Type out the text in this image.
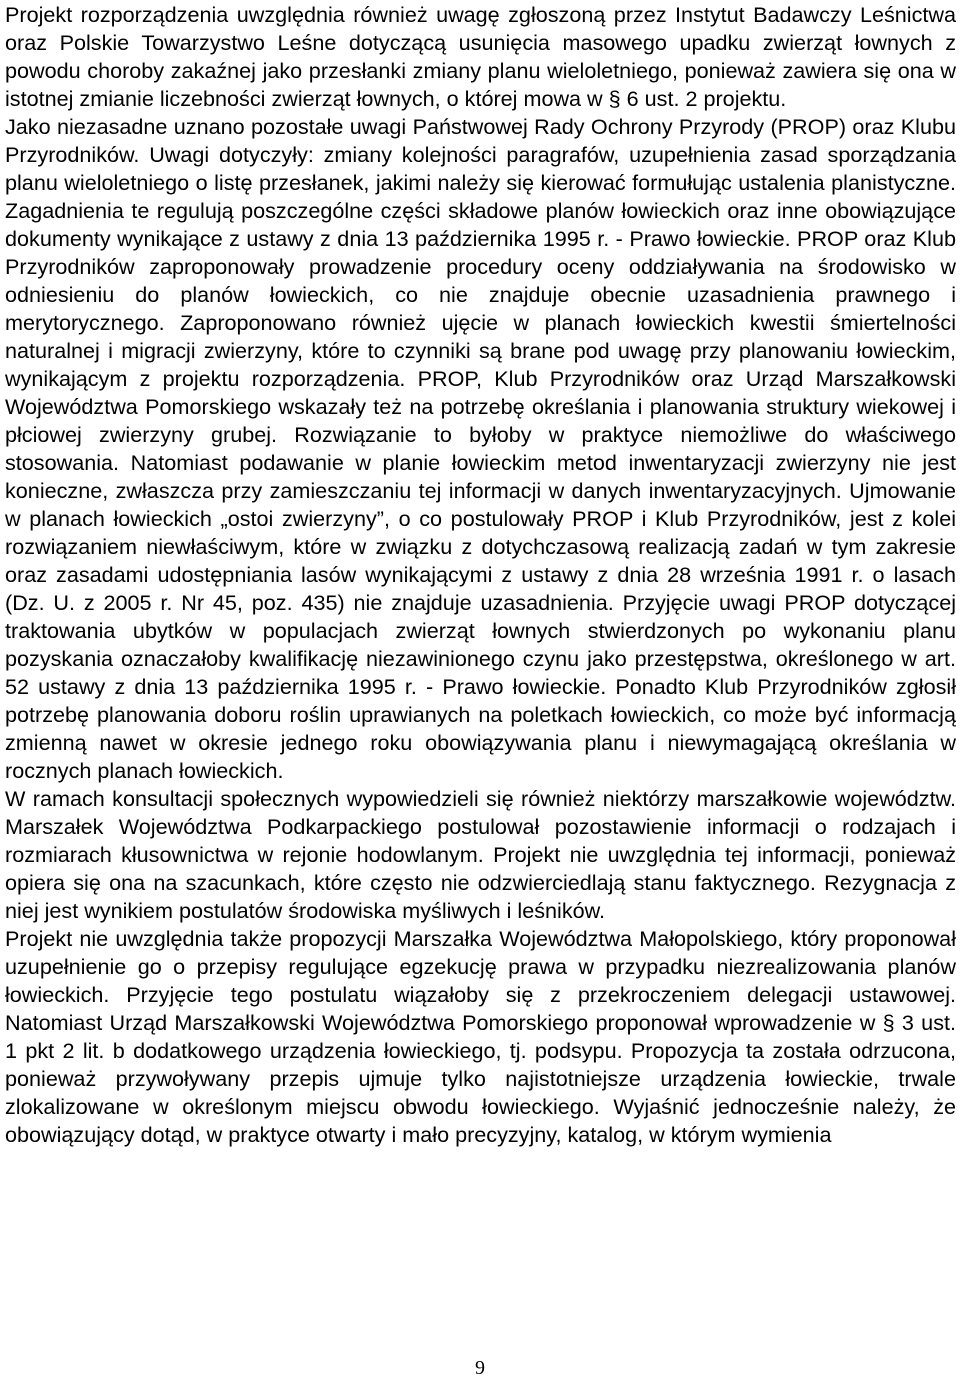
Projekt rozporządzenia uwzględnia również uwagę zgłoszoną przez Instytut Badawczy Leśnictwa oraz Polskie Towarzystwo Leśne dotyczącą usunięcia masowego upadku zwierząt łownych z powodu choroby zakaźnej jako przesłanki zmiany planu wieloletniego, ponieważ zawiera się ona w istotnej zmianie liczebności zwierząt łownych, o której mowa w § 6 ust. 2 projektu.

Jako niezasadne uznano pozostałe uwagi Państwowej Rady Ochrony Przyrody (PROP) oraz Klubu Przyrodników. Uwagi dotyczyły: zmiany kolejności paragrafów, uzupełnienia zasad sporządzania planu wieloletniego o listę przesłanek, jakimi należy się kierować formułując ustalenia planistyczne. Zagadnienia te regulują poszczególne części składowe planów łowieckich oraz inne obowiązujące dokumenty wynikające z ustawy z dnia 13 października 1995 r. - Prawo łowieckie. PROP oraz Klub Przyrodników zaproponowały prowadzenie procedury oceny oddziaływania na środowisko w odniesieniu do planów łowieckich, co nie znajduje obecnie uzasadnienia prawnego i merytorycznego. Zaproponowano również ujęcie w planach łowieckich kwestii śmiertelności naturalnej i migracji zwierzyny, które to czynniki są brane pod uwagę przy planowaniu łowieckim, wynikającym z projektu rozporządzenia. PROP, Klub Przyrodników oraz Urząd Marszałkowski Województwa Pomorskiego wskazały też na potrzebę określania i planowania struktury wiekowej i płciowej zwierzyny grubej. Rozwiązanie to byłoby w praktyce niemożliwe do właściwego stosowania. Natomiast podawanie w planie łowieckim metod inwentaryzacji zwierzyny nie jest konieczne, zwłaszcza przy zamieszczaniu tej informacji w danych inwentaryzacyjnych. Ujmowanie w planach łowieckich „ostoi zwierzyny”, o co postulowały PROP i Klub Przyrodników, jest z kolei rozwiązaniem niewłaściwym, które w związku z dotychczasową realizacją zadań w tym zakresie oraz zasadami udostępniania lasów wynikającymi z ustawy z dnia 28 września 1991 r. o lasach (Dz. U. z 2005 r. Nr 45, poz. 435) nie znajduje uzasadnienia. Przyjęcie uwagi PROP dotyczącej traktowania ubytków w populacjach zwierząt łownych stwierdzonych po wykonaniu planu pozyskania oznaczałoby kwalifikację niezawinionego czynu jako przestępstwa, określonego w art. 52 ustawy z dnia 13 października 1995 r. - Prawo łowieckie. Ponadto Klub Przyrodników zgłosił potrzebę planowania doboru roślin uprawianych na poletkach łowieckich, co może być informacją zmienną nawet w okresie jednego roku obowiązywania planu i niewymagającą określania w rocznych planach łowieckich.

W ramach konsultacji społecznych wypowiedzieli się również niektórzy marszałkowie województw. Marszałek Województwa Podkarpackiego postulował pozostawienie informacji o rodzajach i rozmiarach kłusownictwa w rejonie hodowlanym. Projekt nie uwzględnia tej informacji, ponieważ opiera się ona na szacunkach, które często nie odzwierciedlają stanu faktycznego. Rezygnacja z niej jest wynikiem postulatów środowiska myśliwych i leśników.

Projekt nie uwzględnia także propozycji Marszałka Województwa Małopolskiego, który proponował uzupełnienie go o przepisy regulujące egzekucję prawa w przypadku niezrealizowania planów łowieckich. Przyjęcie tego postulatu wiązałoby się z przekroczeniem delegacji ustawowej. Natomiast Urząd Marszałkowski Województwa Pomorskiego proponował wprowadzenie w § 3 ust. 1 pkt 2 lit. b dodatkowego urządzenia łowieckiego, tj. podsypu. Propozycja ta została odrzucona, ponieważ przywoływany przepis ujmuje tylko najistotniejsze urządzenia łowieckie, trwale zlokalizowane w określonym miejscu obwodu łowieckiego. Wyjaśnić jednocześnie należy, że obowiązujący dotąd, w praktyce otwarty i mało precyzyjny, katalog, w którym wymienia

9
